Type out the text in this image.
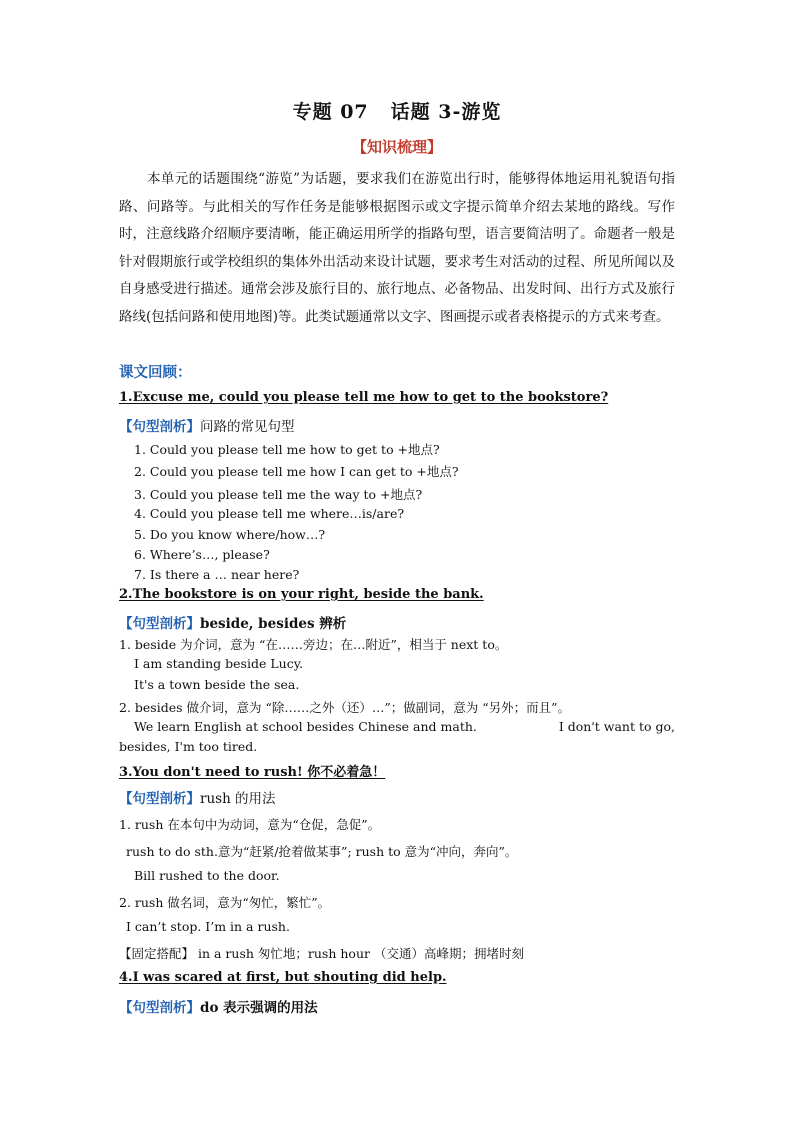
专题 07 话题 3-游览
【知识梳理】

本单元的话题围绕“游览”为话题，要求我们在游览出行时，能够得体地运用礼貌语句指路、问路等。与此相关的写作任务是能够根据图示或文字提示简单介绍去某地的路线。写作时，注意线路介绍顺序要清晰，能正确运用所学的指路句型，语言要简洁明了。命题者一般是针对假期旅行或学校组织的集体外出活动来设计试题，要求考生对活动的过程、所见所闻以及自身感受进行描述。通常会涉及旅行目的、旅行地点、必备物品、出发时间、出行方式及旅行路线(包括问路和使用地图)等。此类试题通常以文字、图画提示或者表格提示的方式来考查。

课文回顾：
1.Excuse me, could you please tell me how to get to the bookstore?
【句型剖析】问路的常见句型
1. Could you please tell me how to get to +地点?
2. Could you please tell me how I can get to +地点?
3. Could you please tell me the way to +地点?
4. Could you please tell me where…is/are?
5. Do you know where/how…?
6. Where’s…, please?
7. Is there a … near here?
2.The bookstore is on your right, beside the bank.
【句型剖析】beside, besides 辨析
1. beside 为介词，意为 “在……旁边；在…附近”，相当于 next to。
I am standing beside Lucy.
It's a town beside the sea.
2. besides 做介词，意为 “除……之外（还）…”；做副词，意为 “另外；而且”。
We learn English at school besides Chinese and math.	I don't want to go,
besides, I'm too tired.
3.You don't need to rush! 你不必着急！
【句型剖析】rush 的用法
1. rush 在本句中为动词，意为“仓促，急促”。
rush to do sth.意为“赶紧/抢着做某事”; rush to 意为“冲向，奔向”。
Bill rushed to the door.
2. rush 做名词，意为“匆忙，繁忙”。
I can’t stop. I’m in a rush.
【固定搭配】 in a rush 匆忙地；rush hour （交通）高峰期；拥堵时刻
4.I was scared at first, but shouting did help.
【句型剖析】do 表示强调的用法
